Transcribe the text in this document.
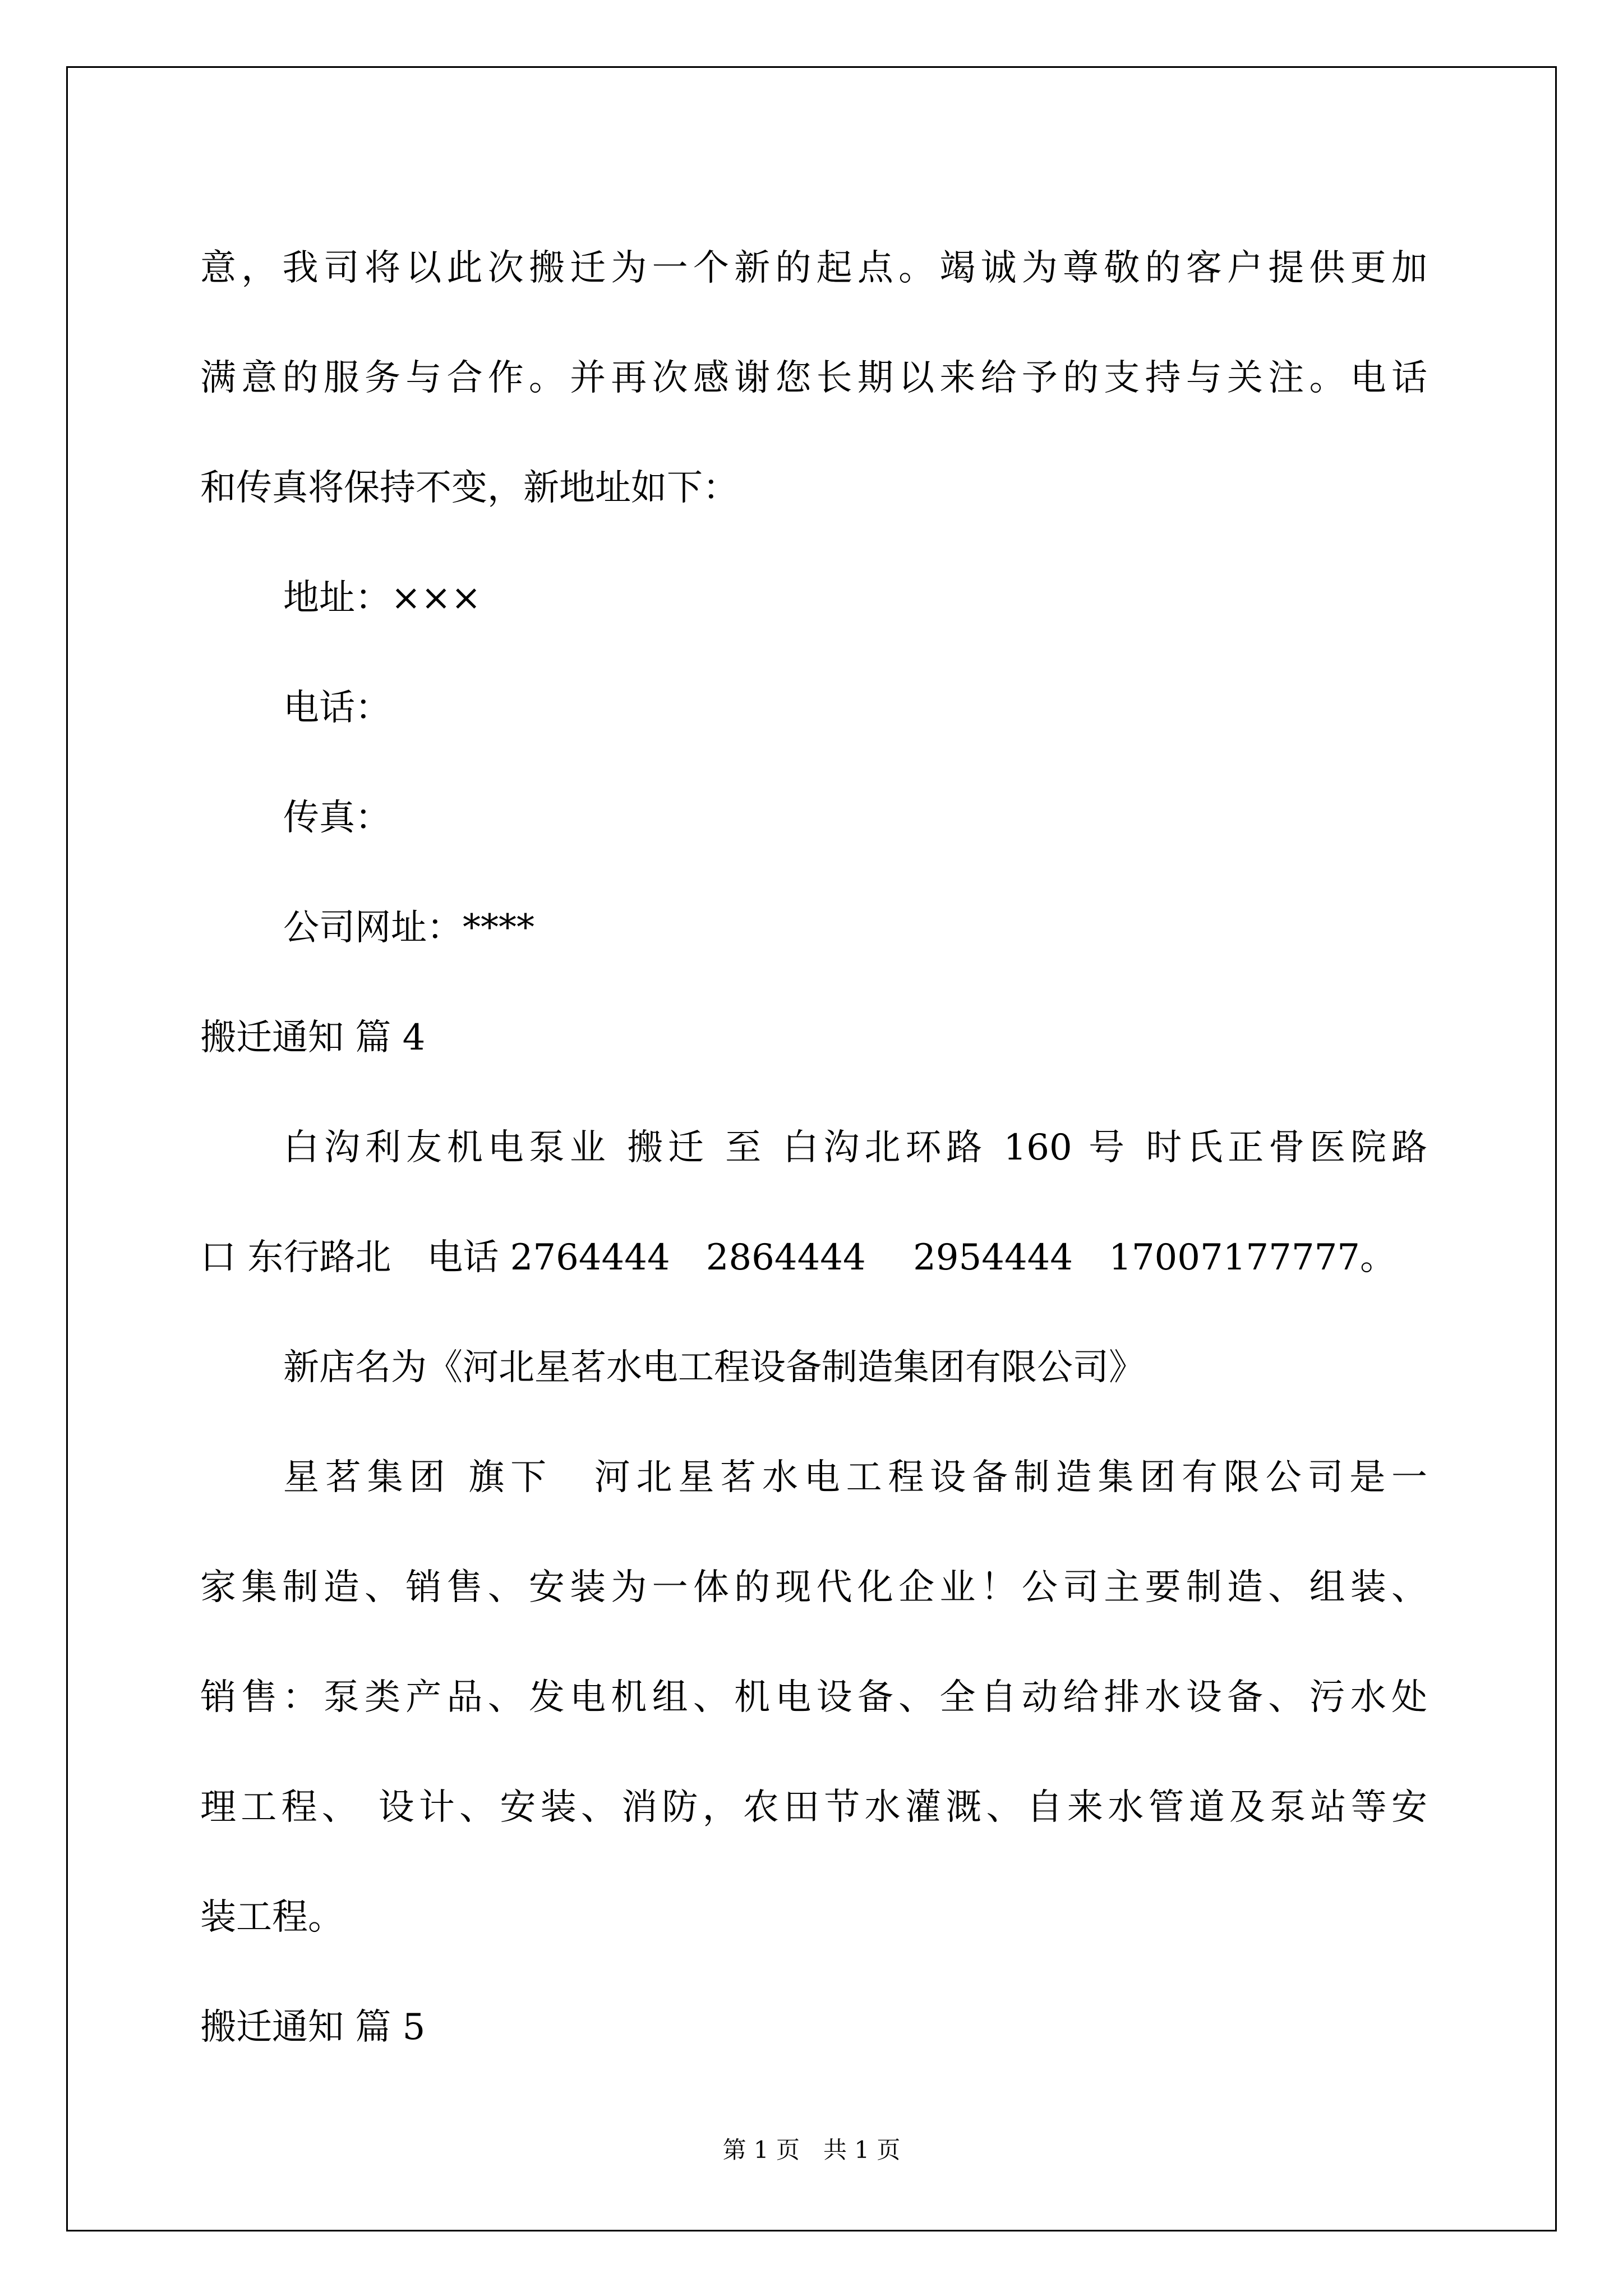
意，我司将以此次搬迁为一个新的起点。竭诚为尊敬的客户提供更加
满意的服务与合作。并再次感谢您长期以来给予的支持与关注。电话
和传真将保持不变，新地址如下：
地址：×××
电话：
传真：
公司网址：****
搬迁通知 篇 4
白沟利友机电泵业 搬迁 至 白沟北环路 160 号 时氏正骨医院路
口 东行路北　电话 2764444　2864444　 2954444　17007177777。
新店名为《河北星茗水电工程设备制造集团有限公司》
星茗集团 旗下　河北星茗水电工程设备制造集团有限公司是一
家集制造、销售、安装为一体的现代化企业！公司主要制造、组装、
销售：泵类产品、发电机组、机电设备、全自动给排水设备、污水处
理工程、 设计、安装、消防，农田节水灌溉、自来水管道及泵站等安
装工程。
搬迁通知 篇 5
第 1 页　共 1 页
